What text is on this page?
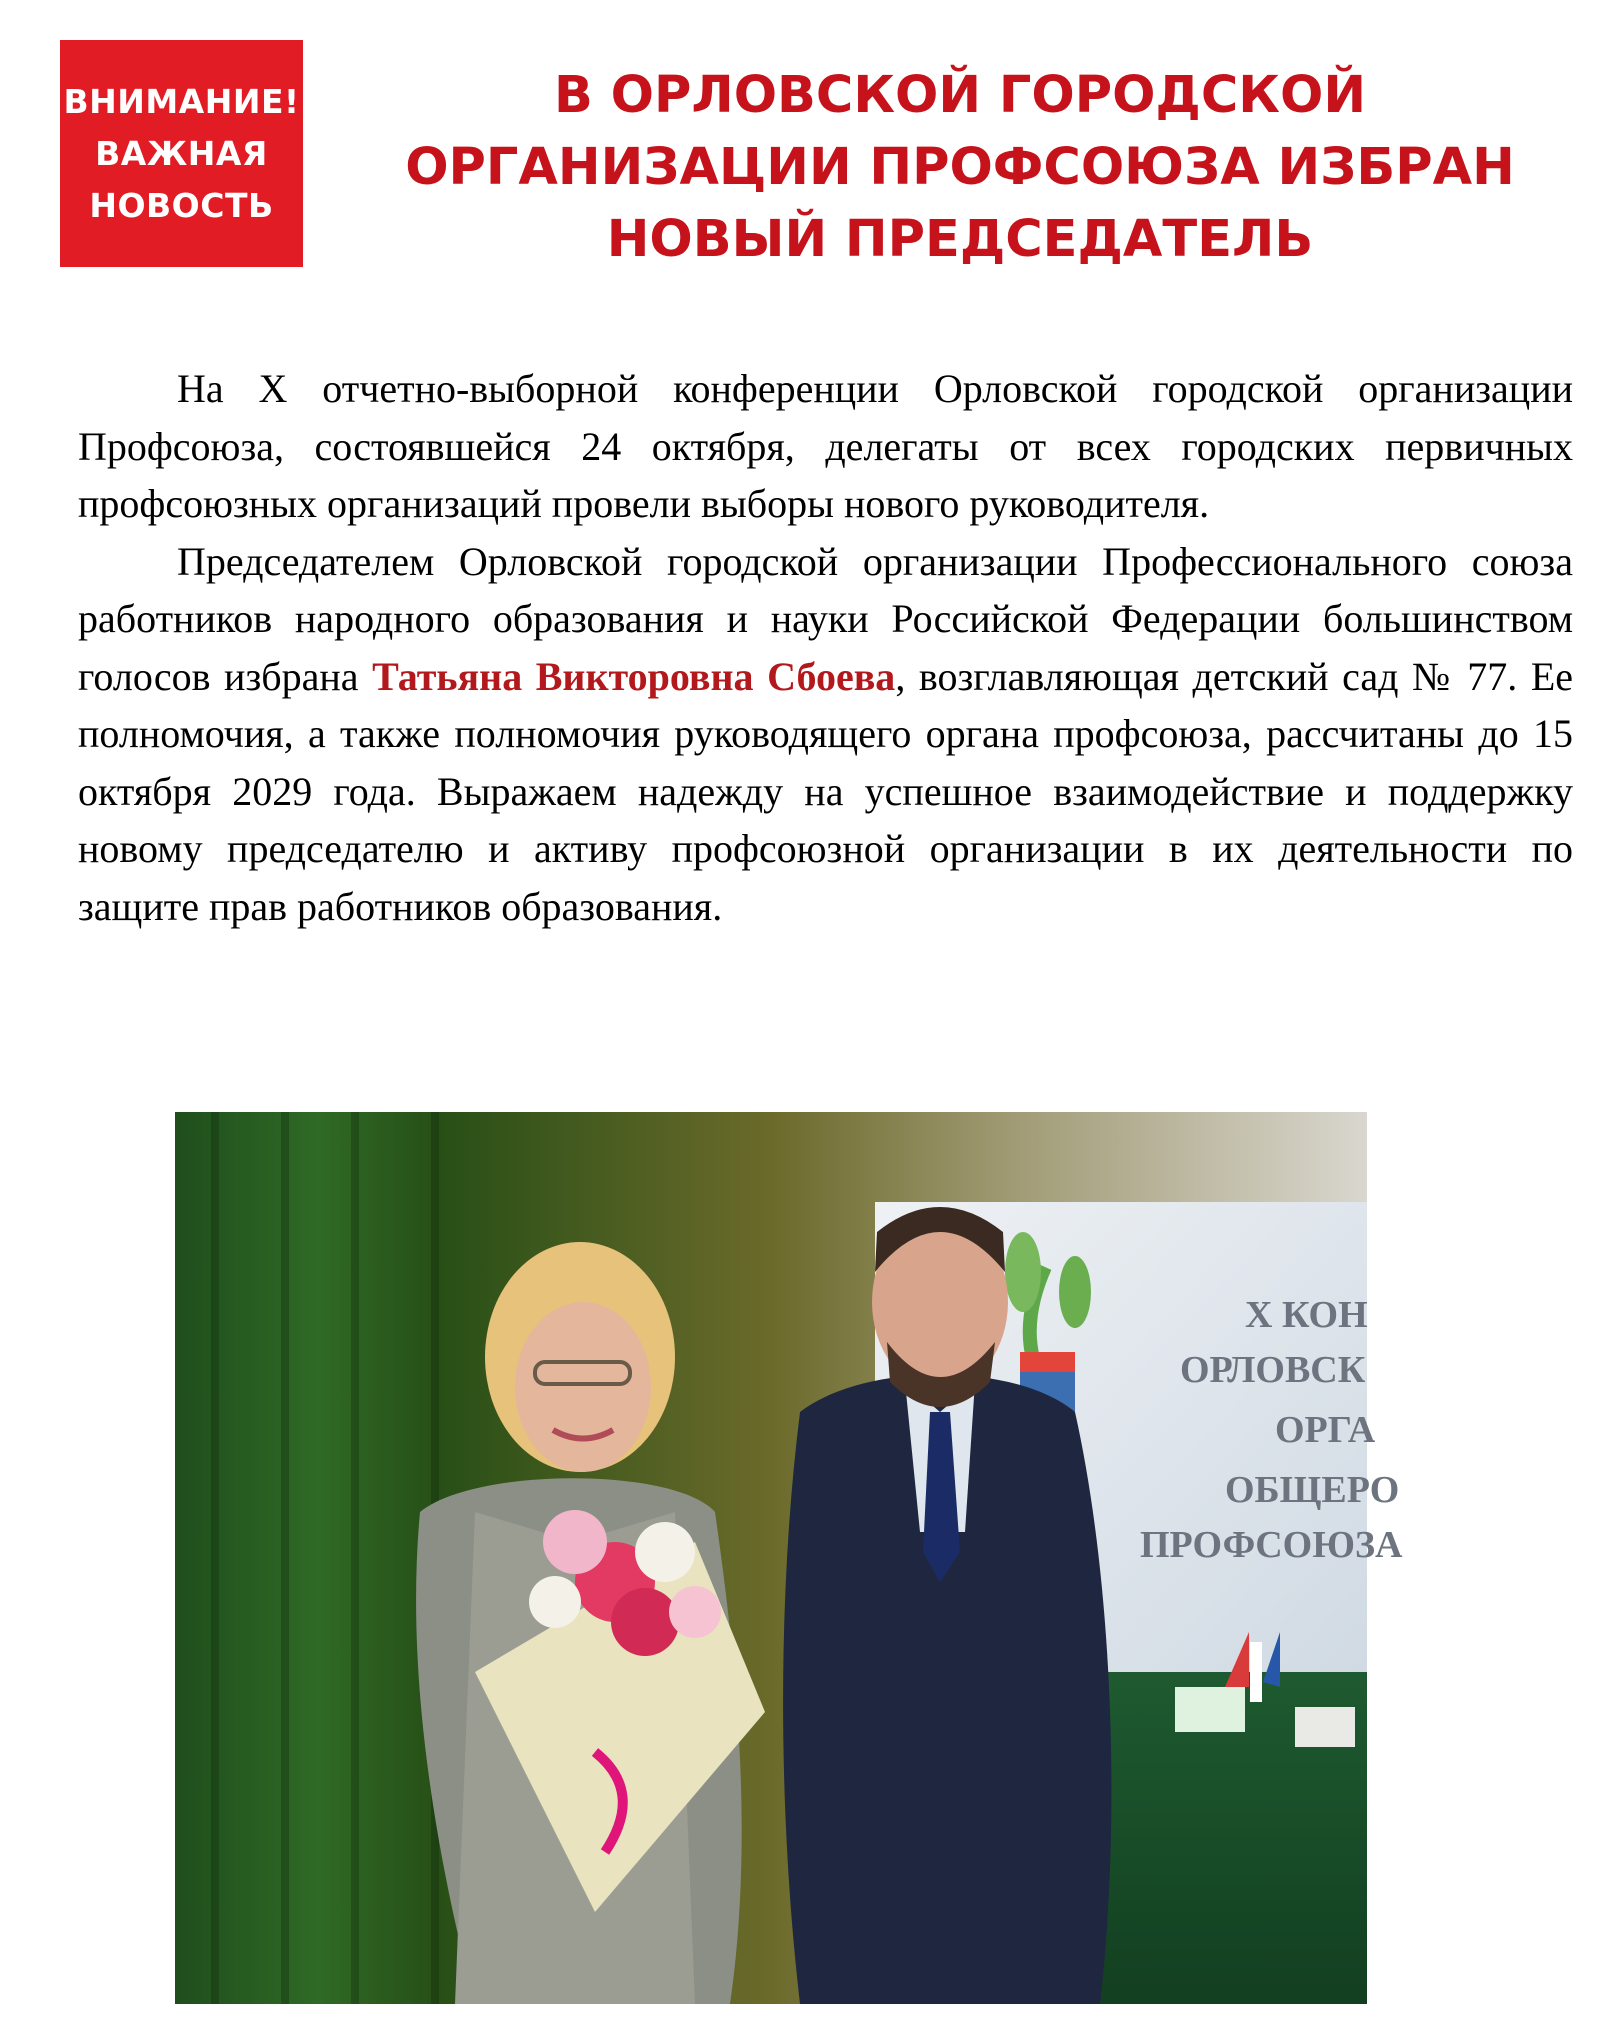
ВНИМАНИЕ!
ВАЖНАЯ
НОВОСТЬ
В ОРЛОВСКОЙ ГОРОДСКОЙ
ОРГАНИЗАЦИИ ПРОФСОЮЗА ИЗБРАН
НОВЫЙ ПРЕДСЕДАТЕЛЬ

На X отчетно-выборной конференции Орловской городской организации Профсоюза, состоявшейся 24 октября, делегаты от всех городских первичных профсоюзных организаций провели выборы нового руководителя.

Председателем Орловской городской организации Профессионального союза работников народного образования и науки Российской Федерации большинством голосов избрана Татьяна Викторовна Сбоева, возглавляющая детский сад № 77. Ее полномочия, а также полномочия руководящего органа профсоюза, рассчитаны до 15 октября 2029 года. Выражаем надежду на успешное взаимодействие и поддержку новому председателю и активу профсоюзной организации в их деятельности по защите прав работников образования.

X КОН
ОРЛОВСК
ОРГА
ОБЩЕРО
ПРОФСОЮЗА
